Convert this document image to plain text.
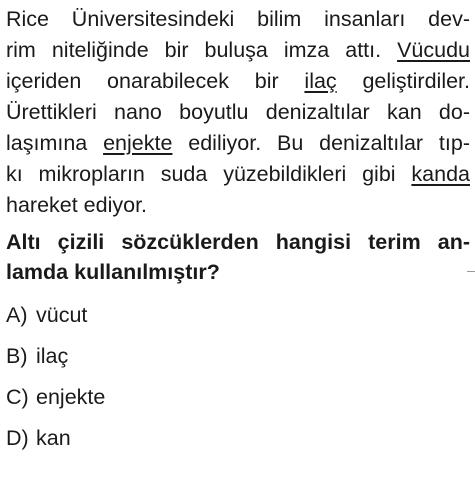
Rice Üniversitesindeki bilim insanları dev-
rim niteliğinde bir buluşa imza attı. Vücudu
içeriden onarabilecek bir ilaç geliştirdiler.
Ürettikleri nano boyutlu denizaltılar kan do-
laşımına enjekte ediliyor. Bu denizaltılar tıp-
kı mikropların suda yüzebildikleri gibi kanda
hareket ediyor.
Altı çizili sözcüklerden hangisi terim an-
lamda kullanılmıştır?
A) vücut
B) ilaç
C) enjekte
D) kan
